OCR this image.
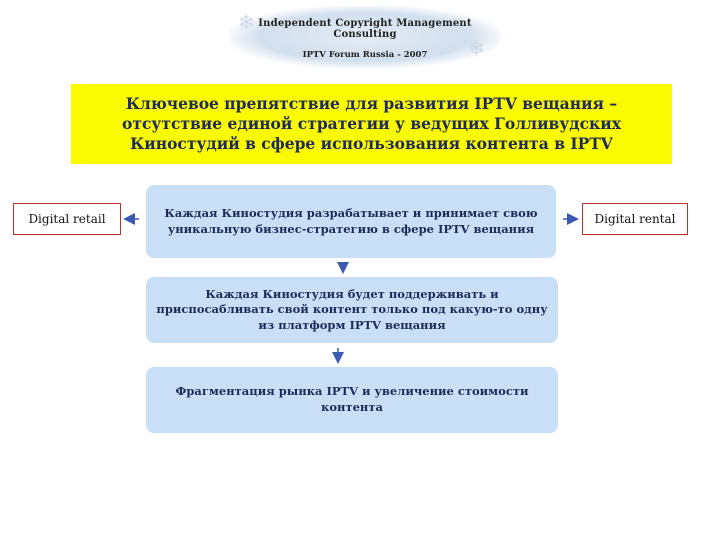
❄
❄
Independent Copyright Management Consulting
IPTV Forum Russia - 2007
Ключевое препятствие для развития IPTV вещания – отсутствие единой стратегии у ведущих Голливудских Киностудий в сфере использования контента в IPTV
Digital retail	Digital rental
Каждая Киностудия разрабатывает и принимает свою уникальную бизнес-стратегию в сфере IPTV вещания
Каждая Киностудия будет поддерживать и приспосабливать свой контент только под какую-то одну из платформ IPTV вещания
Фрагментация рынка IPTV и увеличение стоимости контента
